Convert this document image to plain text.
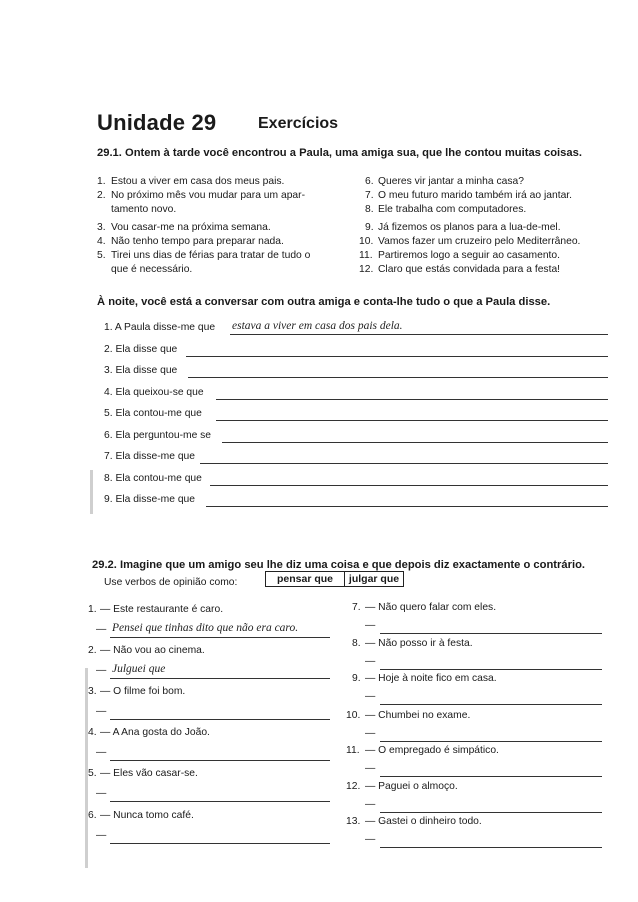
Unidade 29	Exercícios
29.1. Ontem à tarde você encontrou a Paula, uma amiga sua, que lhe contou muitas coisas.
1. Estou a viver em casa dos meus pais.
2. No próximo mês vou mudar para um apar-
tamento novo.
3. Vou casar-me na próxima semana.
4. Não tenho tempo para preparar nada.
5. Tirei uns dias de férias para tratar de tudo o
que é necessário.
6. Queres vir jantar a minha casa?
7. O meu futuro marido também irá ao jantar.
8. Ele trabalha com computadores.
9. Já fizemos os planos para a lua-de-mel.
10. Vamos fazer um cruzeiro pelo Mediterrâneo.
11. Partiremos logo a seguir ao casamento.
12. Claro que estás convidada para a festa!
À noite, você está a conversar com outra amiga e conta-lhe tudo o que a Paula disse.
1. A Paula disse-me que estava a viver em casa dos pais dela.
2. Ela disse que
3. Ela disse que
4. Ela queixou-se que
5. Ela contou-me que
6. Ela perguntou-me se
7. Ela disse-me que
8. Ela contou-me que
9. Ela disse-me que
29.2. Imagine que um amigo seu lhe diz uma coisa e que depois diz exactamente o contrário.
Use verbos de opinião como:	pensar que	julgar que
1. — Este restaurante é caro.
— Pensei que tinhas dito que não era caro.
2. — Não vou ao cinema.
— Julguei que
3. — O filme foi bom.
—
4. — A Ana gosta do João.
—
5. — Eles vão casar-se.
—
6. — Nunca tomo café.
—
7. — Não quero falar com eles.
—
8. — Não posso ir à festa.
—
9. — Hoje à noite fico em casa.
—
10. — Chumbei no exame.
—
11. — O empregado é simpático.
—
12. — Paguei o almoço.
—
13. — Gastei o dinheiro todo.
—
